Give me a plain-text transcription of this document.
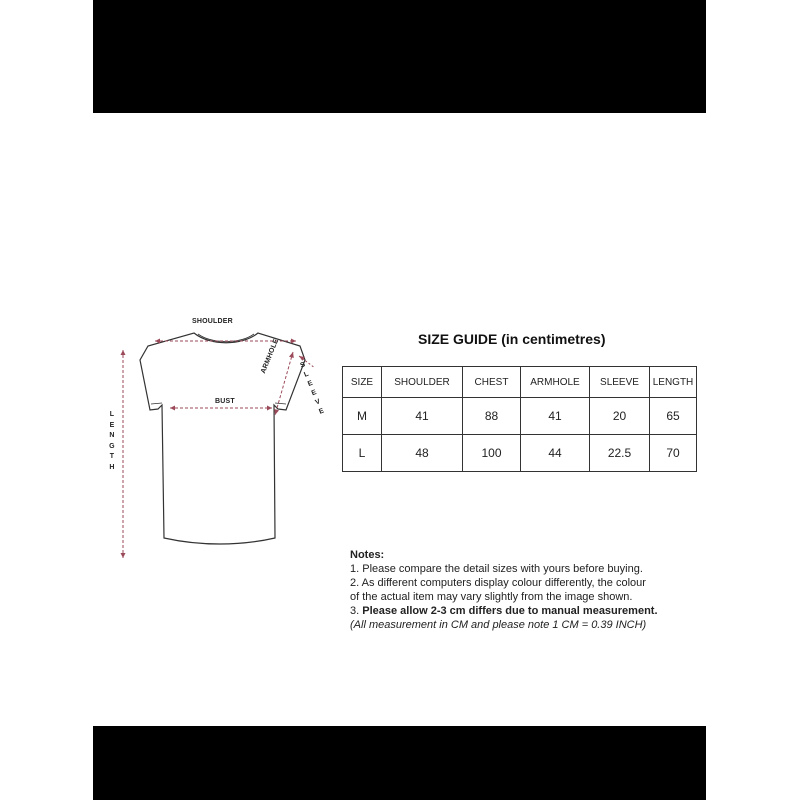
SHOULDER
BUST
ARMHOLE
LENGTH
SLEEVE
SIZE GUIDE (in centimetres)
SIZE	SHOULDER	CHEST	ARMHOLE	SLEEVE	LENGTH
M	41	88	41	20	65
L	48	100	44	22.5	70
Notes:
1. Please compare the detail sizes with yours before buying.
2. As different computers display colour differently, the colour
of the actual item may vary slightly from the image shown.
3. Please allow 2-3 cm differs due to manual measurement.
(All measurement in CM and please note 1 CM = 0.39 INCH)
